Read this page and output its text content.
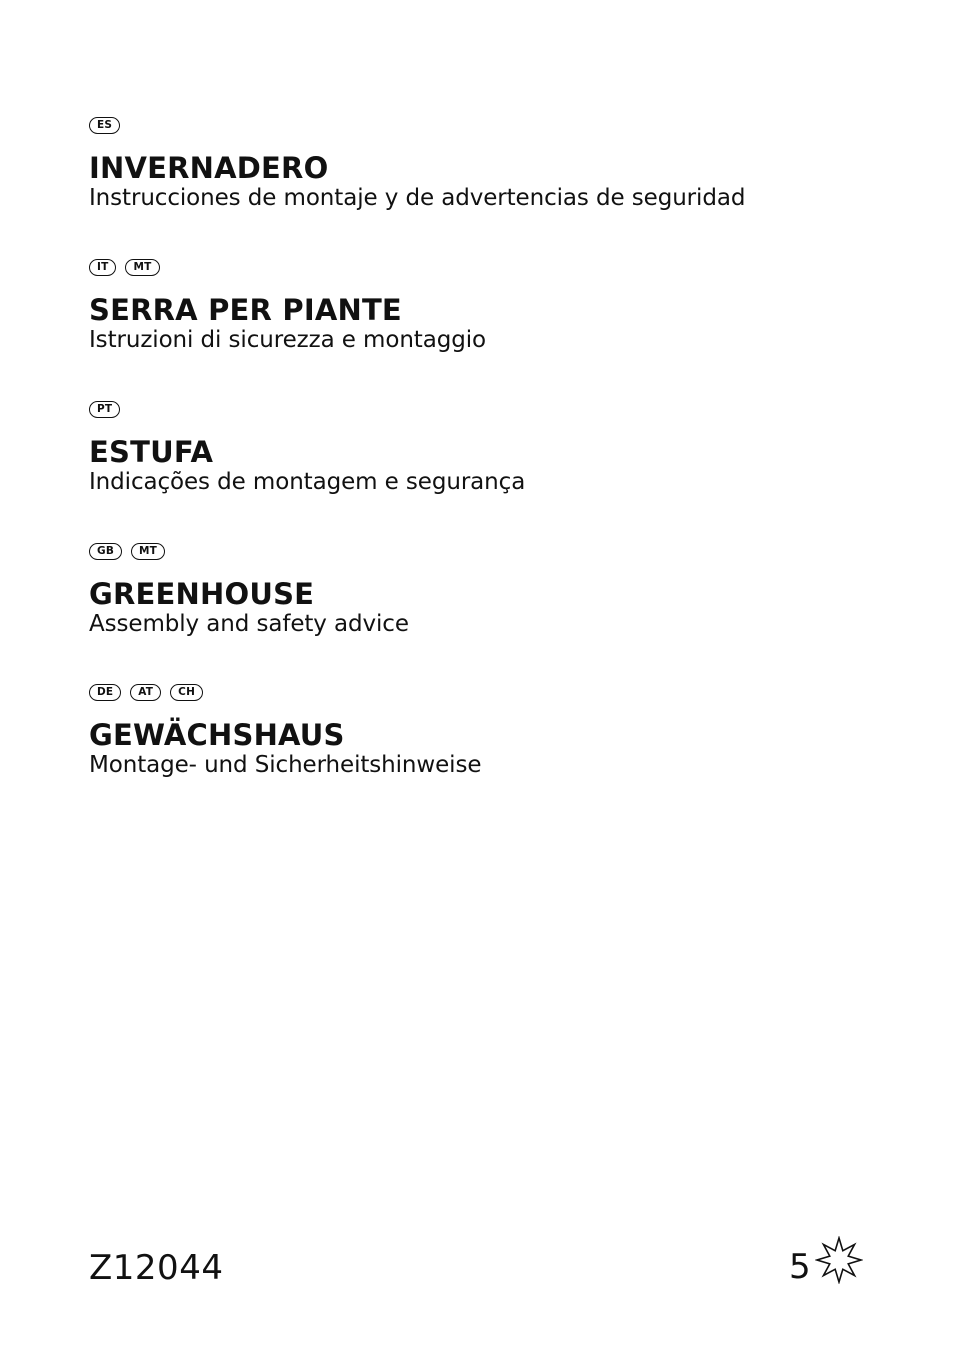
ES
INVERNADERO

Instrucciones de montaje y de advertencias de seguridad

IT	MT
SERRA PER PIANTE

Istruzioni di sicurezza e montaggio

PT
ESTUFA

Indicações de montagem e segurança

GB	MT
GREENHOUSE

Assembly and safety advice

DE	AT	CH
GEWÄCHSHAUS

Montage- und Sicherheitshinweise

Z12044	5
